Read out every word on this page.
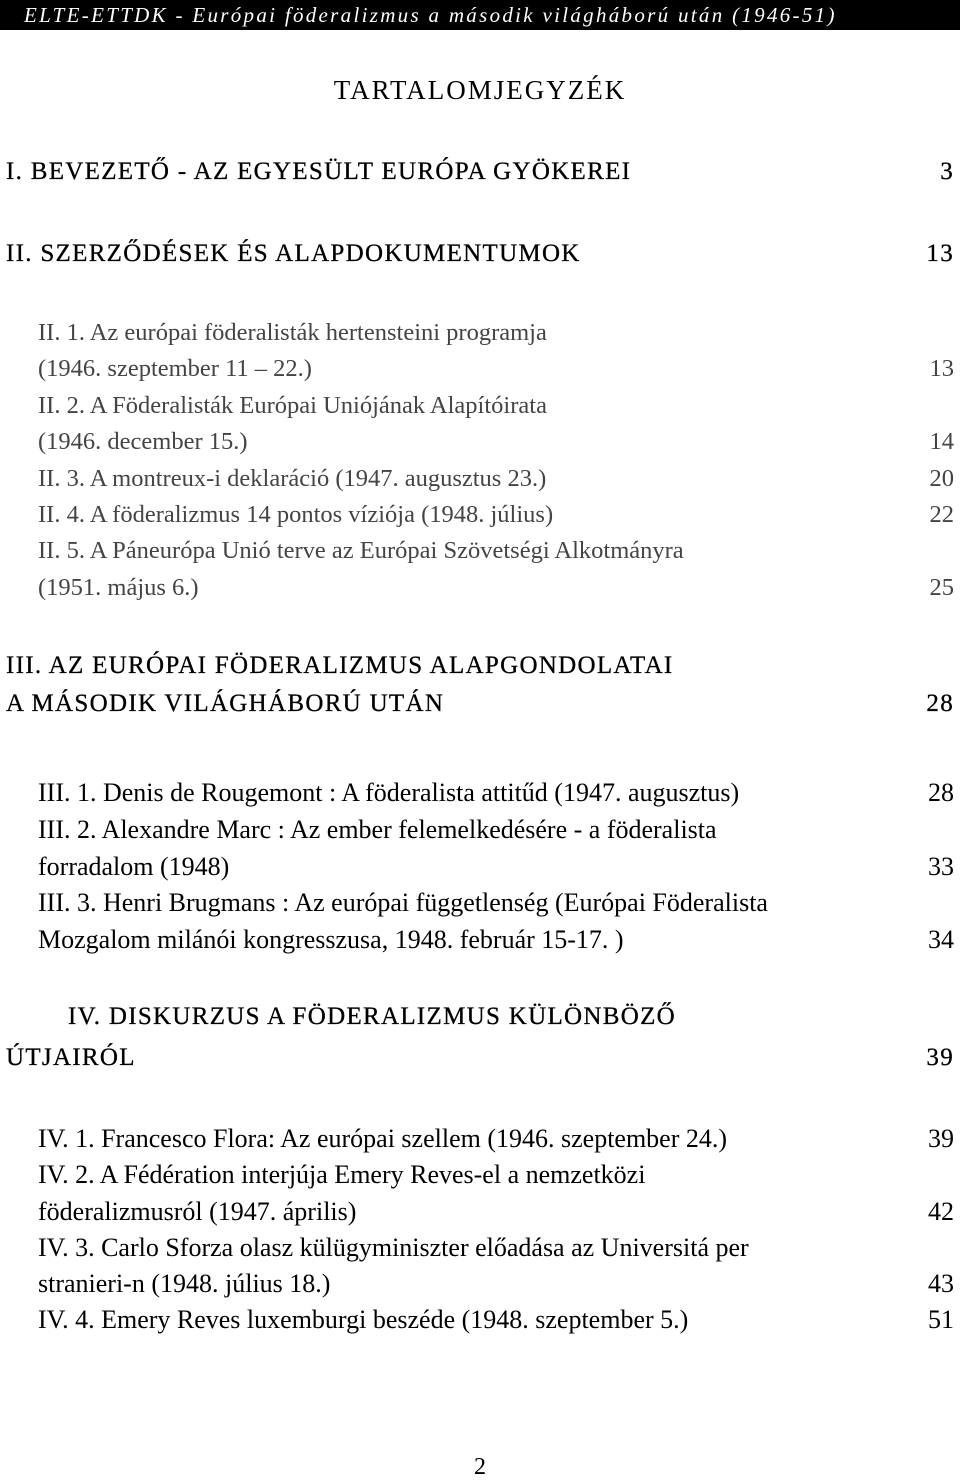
ELTE-ETTDK - Európai föderalizmus a második világháború után (1946-51)
TARTALOMJEGYZÉK
I. BEVEZETŐ - AZ EGYESÜLT EURÓPA GYÖKEREI	3
II. SZERZŐDÉSEK ÉS ALAPDOKUMENTUMOK	13
II. 1. Az európai föderalisták hertensteini programja
(1946. szeptember 11 – 22.)	13
II. 2. A Föderalisták Európai Uniójának Alapítóirata
(1946. december 15.)	14
II. 3. A montreux-i deklaráció (1947. augusztus 23.)	20
II. 4. A föderalizmus 14 pontos víziója (1948. július)	22
II. 5. A Páneurópa Unió terve az Európai Szövetségi Alkotmányra
(1951. május 6.)	25
III. AZ EURÓPAI FÖDERALIZMUS ALAPGONDOLATAI
A MÁSODIK VILÁGHÁBORÚ UTÁN	28
III. 1. Denis de Rougemont : A föderalista attitűd (1947. augusztus)	28
III. 2. Alexandre Marc : Az ember felemelkedésére - a föderalista
forradalom (1948)	33
III. 3. Henri Brugmans : Az európai függetlenség (Európai Föderalista
Mozgalom milánói kongresszusa, 1948. február 15-17. )	34
IV. DISKURZUS A FÖDERALIZMUS KÜLÖNBÖZŐ
ÚTJAIRÓL	39
IV. 1. Francesco Flora: Az európai szellem (1946. szeptember 24.)	39
IV. 2. A Fédération interjúja Emery Reves-el a nemzetközi
föderalizmusról (1947. április)	42
IV. 3. Carlo Sforza olasz külügyminiszter előadása az Universitá per
stranieri-n (1948. július 18.)	43
IV. 4. Emery Reves luxemburgi beszéde (1948. szeptember 5.)	51
2
